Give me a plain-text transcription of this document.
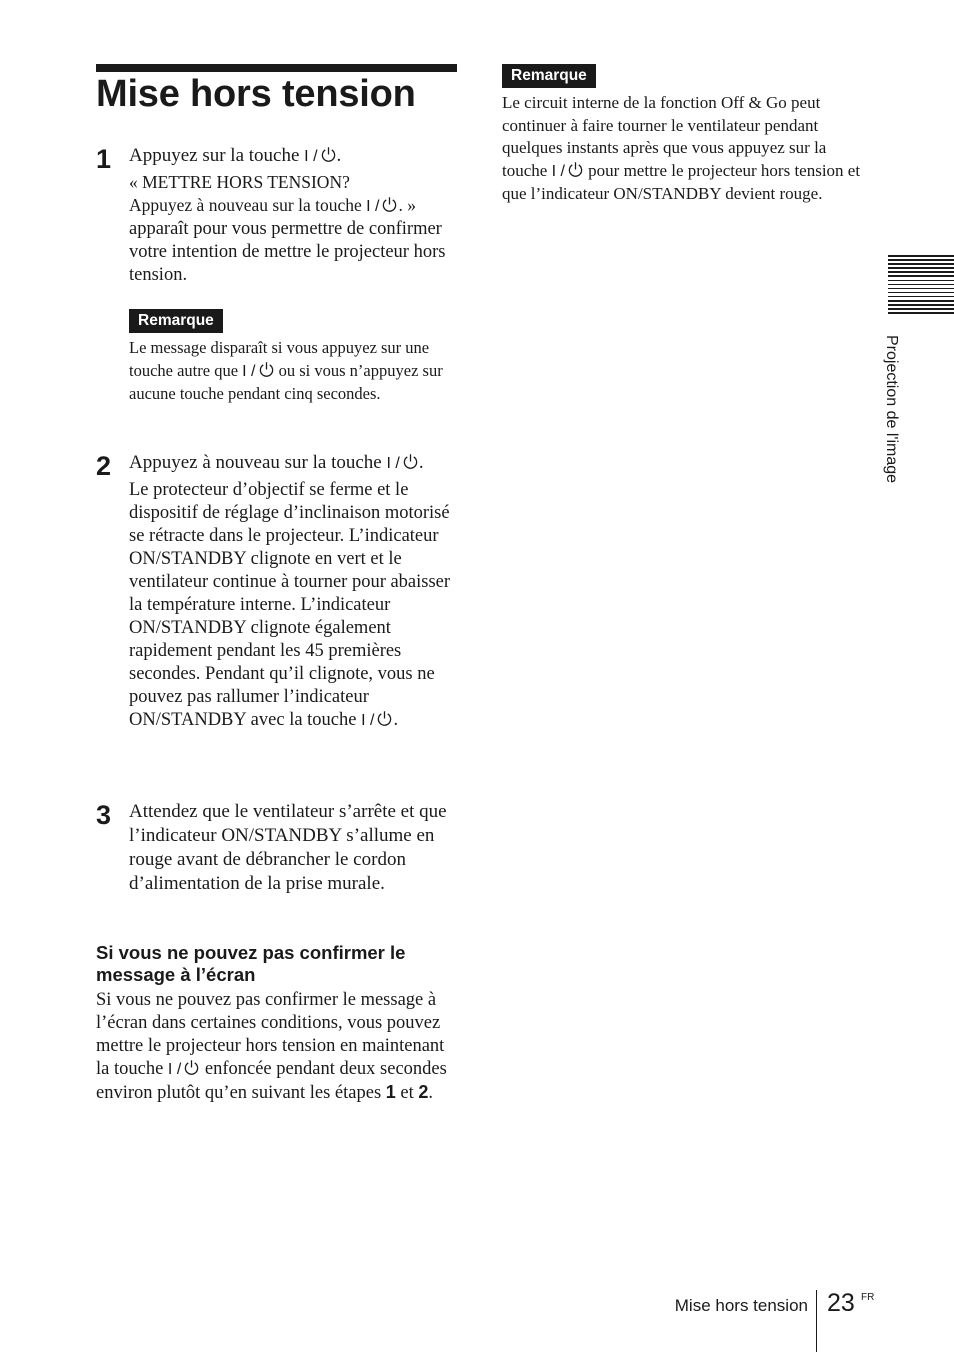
Mise hors tension
1 Appuyez sur la touche I / .

« METTRE HORS TENSION?

Appuyez à nouveau sur la touche I / . »

apparaît pour vous permettre de confirmer votre intention de mettre le projecteur hors tension.

Remarque

Le message disparaît si vous appuyez sur une touche autre que I / ou si vous n’appuyez sur aucune touche pendant cinq secondes.

2 Appuyez à nouveau sur la touche I / .

Le protecteur d’objectif se ferme et le dispositif de réglage d’inclinaison motorisé se rétracte dans le projecteur. L’indicateur ON/STANDBY clignote en vert et le ventilateur continue à tourner pour abaisser la température interne. L’indicateur ON/STANDBY clignote également rapidement pendant les 45 premières secondes. Pendant qu’il clignote, vous ne pouvez pas rallumer l’indicateur ON/STANDBY avec la touche I / .

3 Attendez que le ventilateur s’arrête et que l’indicateur ON/STANDBY s’allume en rouge avant de débrancher le cordon d’alimentation de la prise murale.

Si vous ne pouvez pas confirmer le message à l’écran

Si vous ne pouvez pas confirmer le message à l’écran dans certaines conditions, vous pouvez mettre le projecteur hors tension en maintenant la touche I / enfoncée pendant deux secondes environ plutôt qu’en suivant les étapes 1 et 2.

Remarque

Le circuit interne de la fonction Off & Go peut continuer à faire tourner le ventilateur pendant quelques instants après que vous appuyez sur la touche I / pour mettre le projecteur hors tension et que l’indicateur ON/STANDBY devient rouge.

Projection de l'image
Mise hors tension 23 FR
